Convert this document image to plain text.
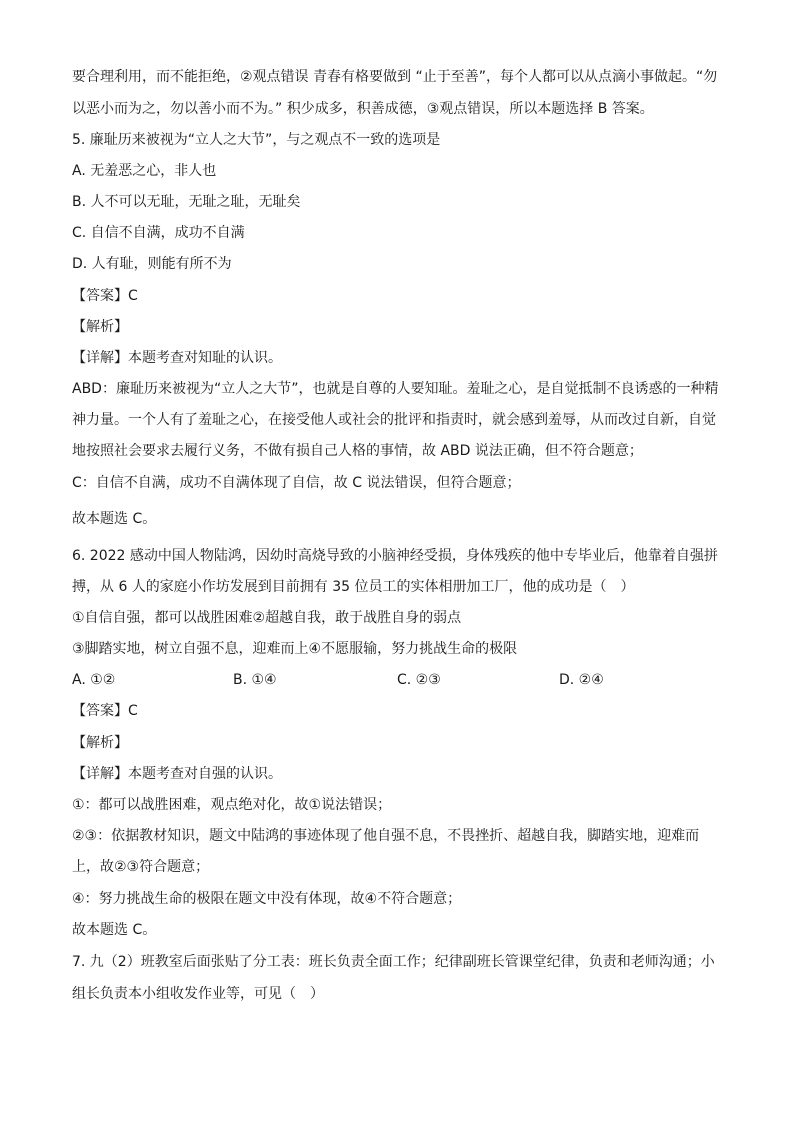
要合理利用，而不能拒绝，②观点错误 青春有格要做到 “止于至善”，每个人都可以从点滴小事做起。“勿
以恶小而为之，勿以善小而不为。” 积少成多，积善成德，③观点错误，所以本题选择 B 答案。
5. 廉耻历来被视为“立人之大节”，与之观点不一致的选项是
A. 无羞恶之心，非人也
B. 人不可以无耻，无耻之耻，无耻矣
C. 自信不自满，成功不自满
D. 人有耻，则能有所不为
【答案】C
【解析】
【详解】本题考查对知耻的认识。
ABD：廉耻历来被视为“立人之大节”，也就是自尊的人要知耻。羞耻之心，是自觉抵制不良诱惑的一种精
神力量。一个人有了羞耻之心，在接受他人或社会的批评和指责时，就会感到羞辱，从而改过自新，自觉
地按照社会要求去履行义务，不做有损自己人格的事情，故 ABD 说法正确，但不符合题意；
C：自信不自满，成功不自满体现了自信，故 C 说法错误，但符合题意；
故本题选 C。
6. 2022 感动中国人物陆鸿，因幼时高烧导致的小脑神经受损，身体残疾的他中专毕业后，他靠着自强拼
搏，从 6 人的家庭小作坊发展到目前拥有 35 位员工的实体相册加工厂，他的成功是（　）
①自信自强，都可以战胜困难②超越自我，敢于战胜自身的弱点
③脚踏实地，树立自强不息，迎难而上④不愿服输，努力挑战生命的极限
A. ①②	B. ①④	C. ②③	D. ②④
【答案】C
【解析】
【详解】本题考查对自强的认识。
①：都可以战胜困难，观点绝对化，故①说法错误；
②③：依据教材知识，题文中陆鸿的事迹体现了他自强不息，不畏挫折、超越自我，脚踏实地，迎难而
上，故②③符合题意；
④：努力挑战生命的极限在题文中没有体现，故④不符合题意；
故本题选 C。
7. 九（2）班教室后面张贴了分工表：班长负责全面工作；纪律副班长管课堂纪律，负责和老师沟通；小
组长负责本小组收发作业等，可见（　）
